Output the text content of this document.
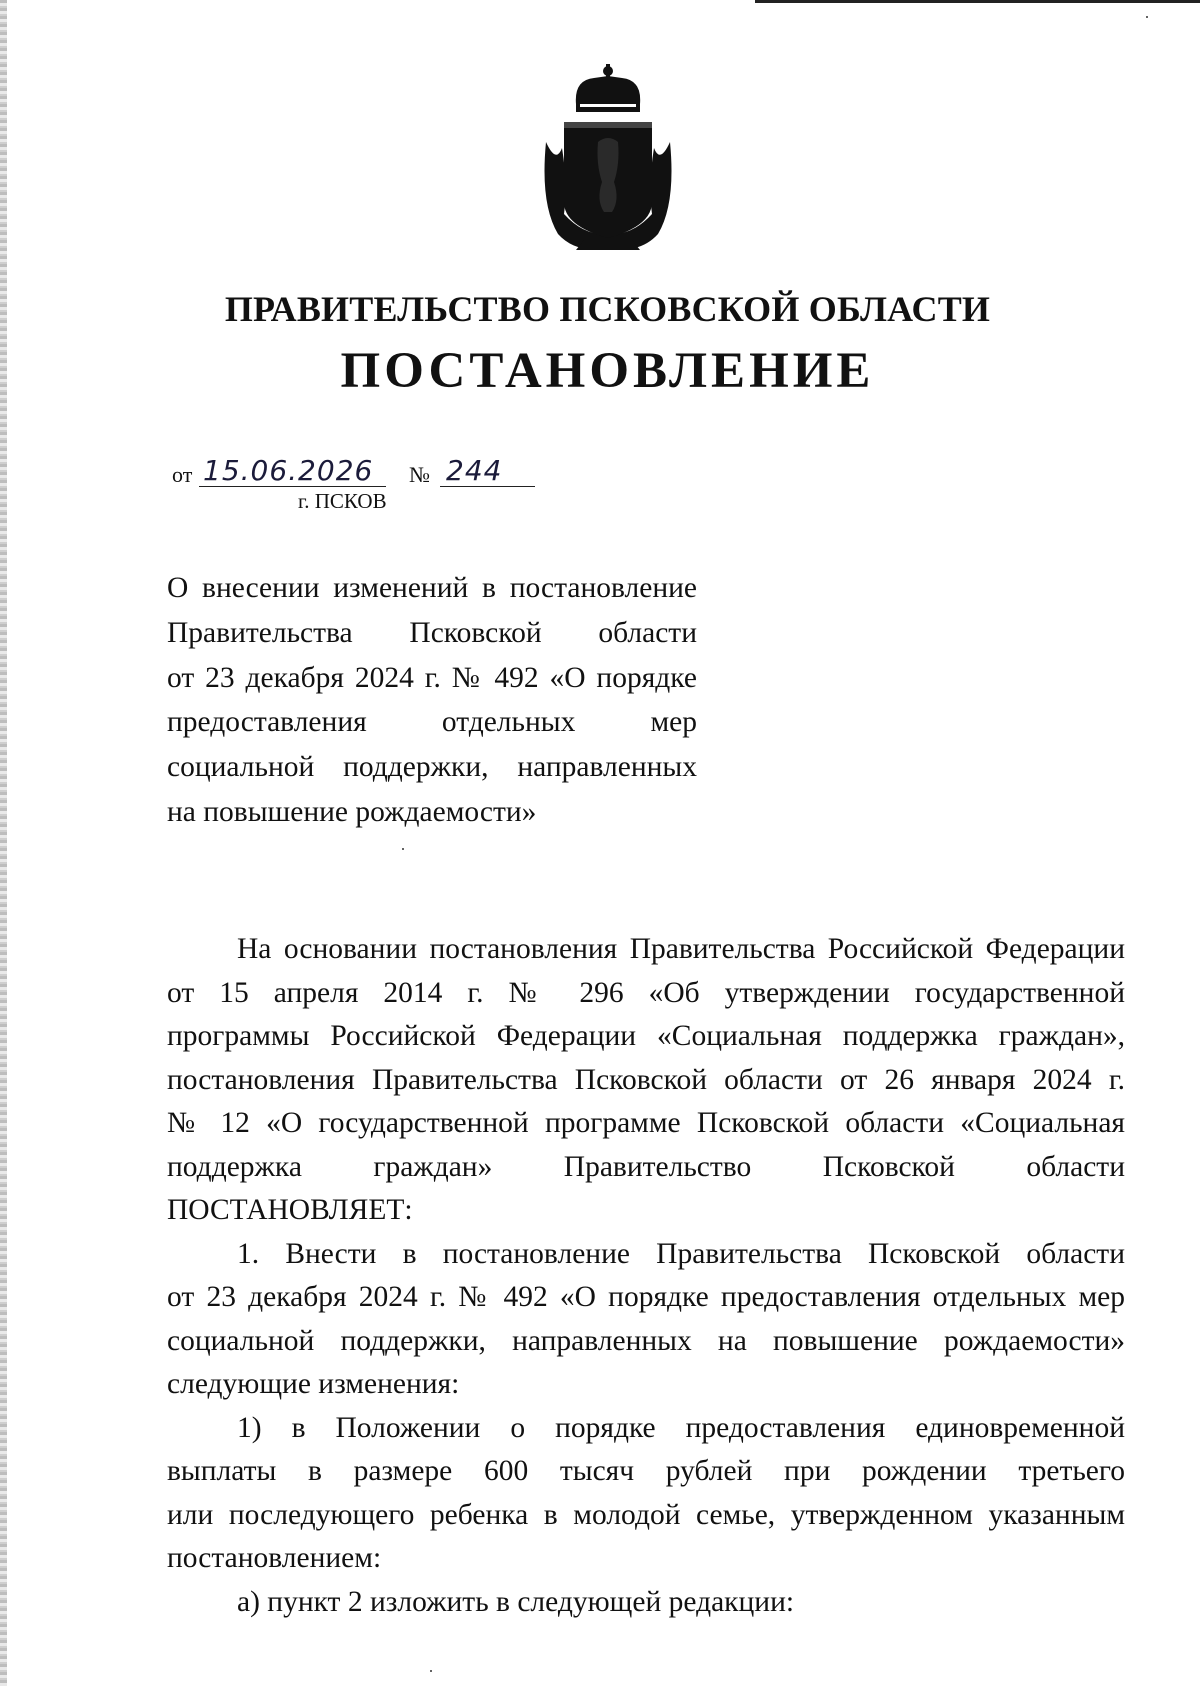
ПРАВИТЕЛЬСТВО ПСКОВСКОЙ ОБЛАСТИ
ПОСТАНОВЛЕНИЕ
от 15.06.2026 № 244
г. ПСКОВ
О внесении изменений в постановление
Правительства Псковской области
от 23 декабря 2024 г. № 492 «О порядке
предоставления отдельных мер
социальной поддержки, направленных
на повышение рождаемости»
На основании постановления Правительства Российской Федерации
от 15 апреля 2014 г. № 296 «Об утверждении государственной
программы Российской Федерации «Социальная поддержка граждан»,
постановления Правительства Псковской области от 26 января 2024 г.
№ 12 «О государственной программе Псковской области «Социальная
поддержка граждан» Правительство Псковской области
ПОСТАНОВЛЯЕТ:
1. Внести в постановление Правительства Псковской области
от 23 декабря 2024 г. № 492 «О порядке предоставления отдельных мер
социальной поддержки, направленных на повышение рождаемости»
следующие изменения:
1) в Положении о порядке предоставления единовременной
выплаты в размере 600 тысяч рублей при рождении третьего
или последующего ребенка в молодой семье, утвержденном указанным
постановлением:
а) пункт 2 изложить в следующей редакции:
